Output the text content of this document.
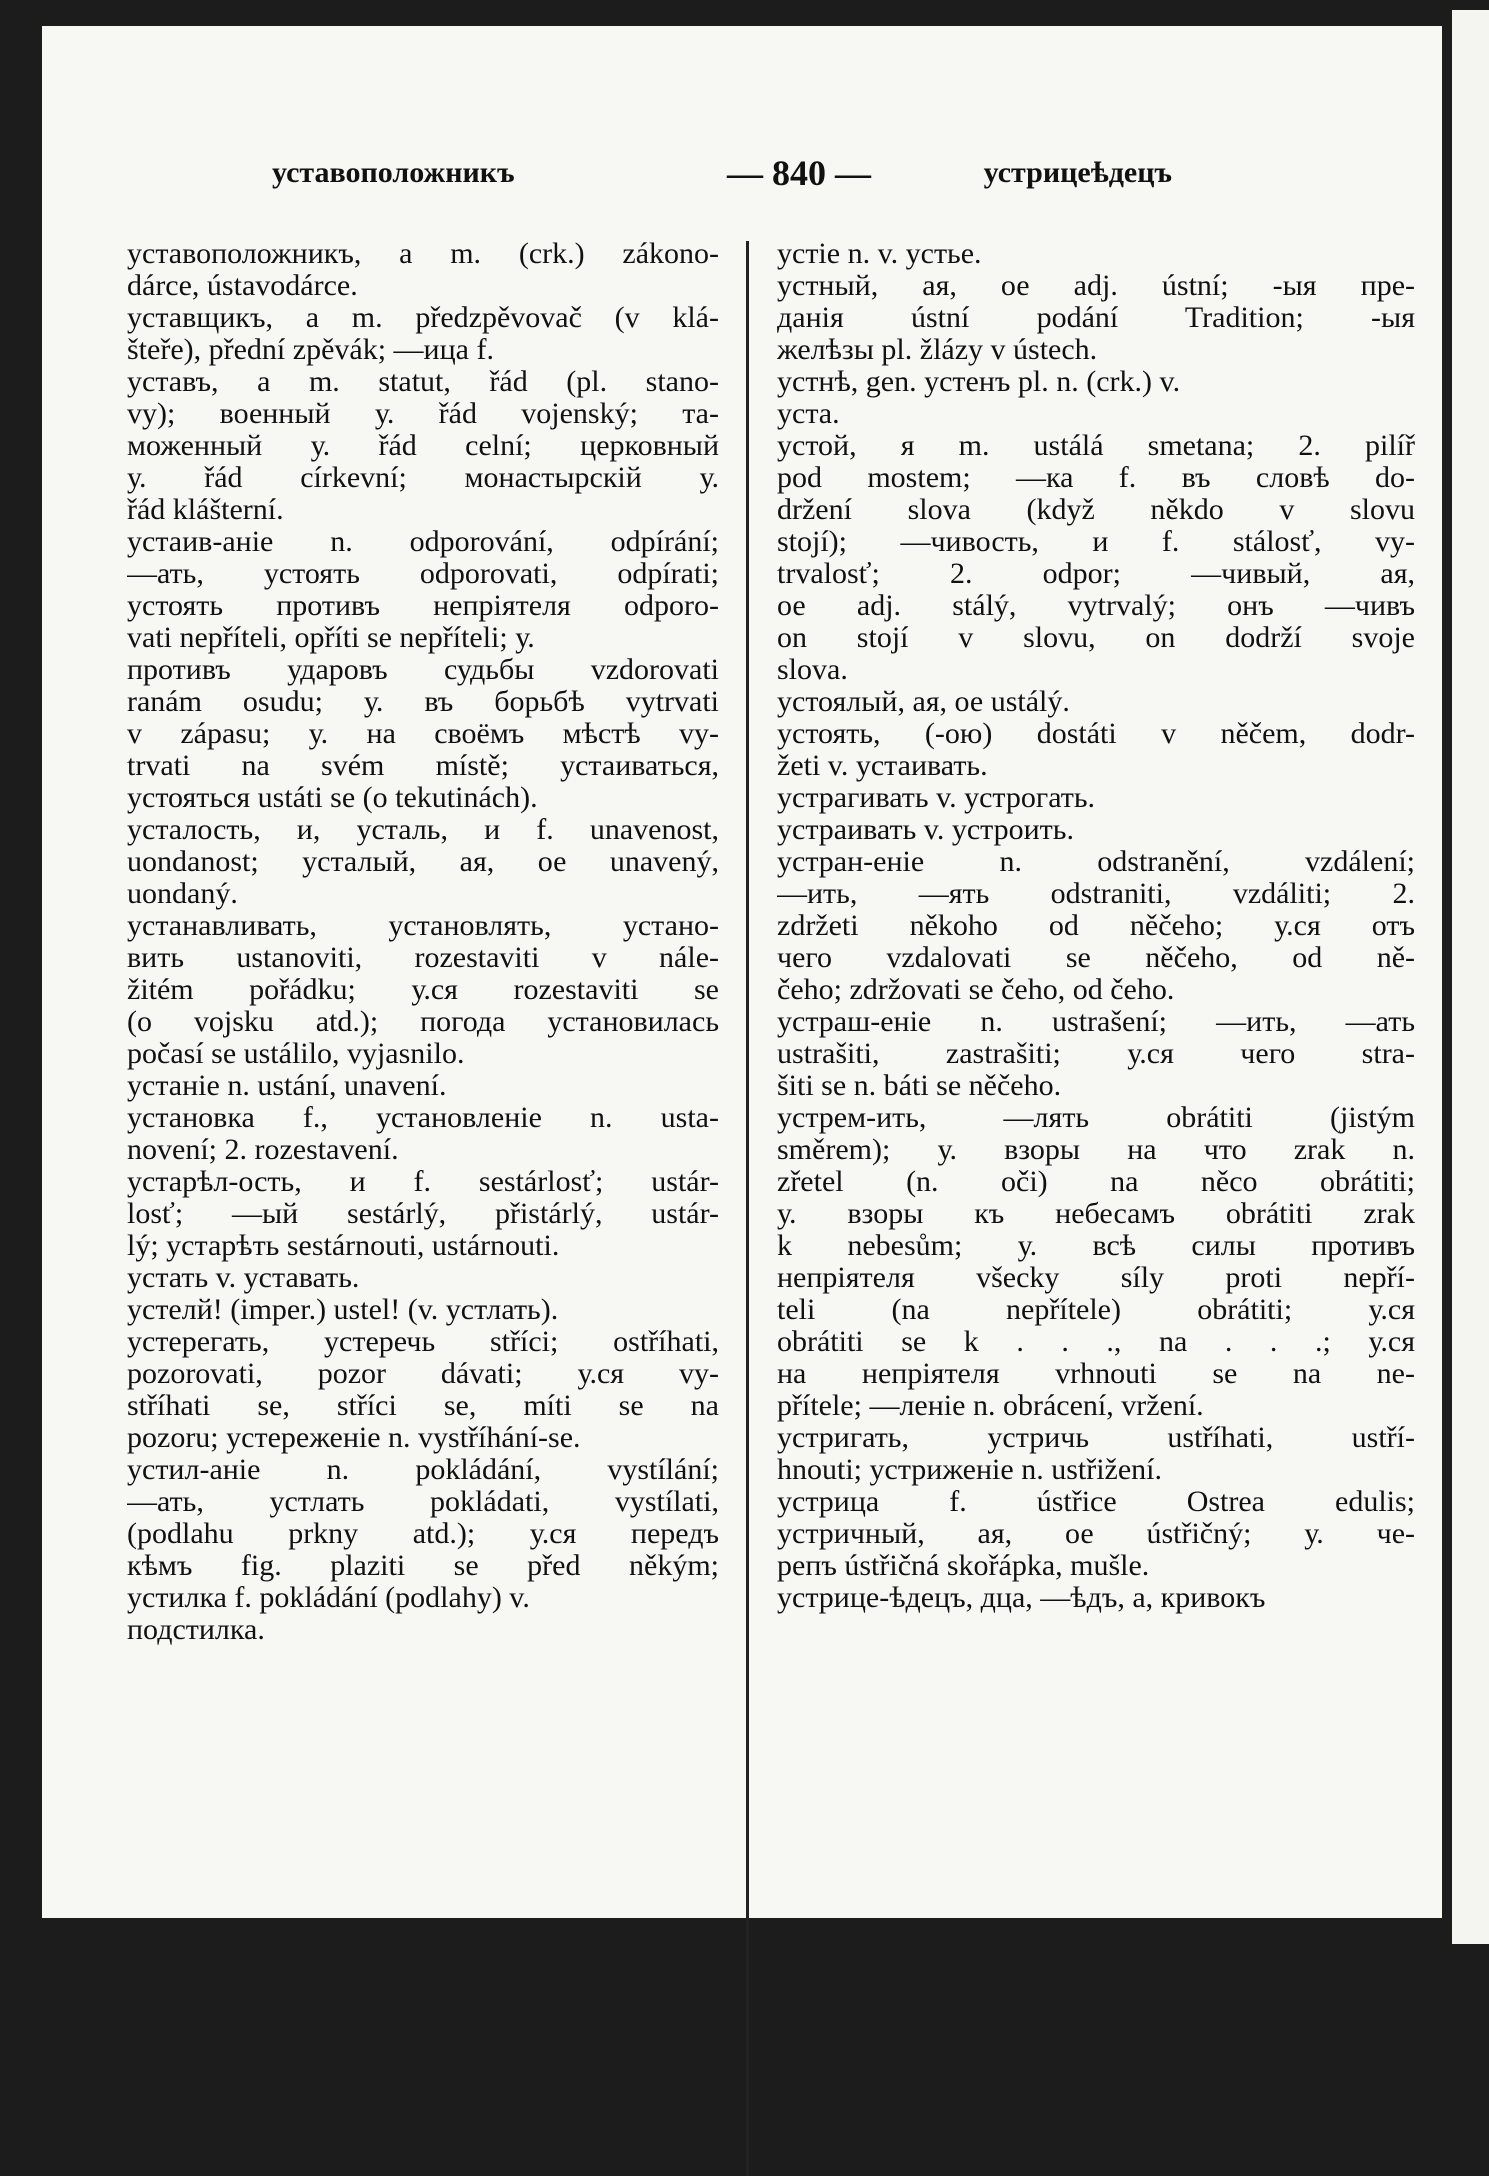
уставоположникъ	— 840 —	устрицеѣдецъ
уставоположникъ, а m. (crk.) zákono-
dárce, ústavodárce.
уставщикъ, а m. předzpěvovač (v klá-
šteře), přední zpěvák; —ица f.
уставъ, а m. statut, řád (pl. stano-
vy); военный у. řád vojenský; та-
моженный у. řád celní; церковный
у. řád církevní; монастырскій у.
řád klášterní.
устаив-аніе n. odporování, odpírání;
—ать, устоять odporovati, odpírati;
устоять противъ непріятеля odporo-
vati nepříteli, opříti se nepříteli; у.
противъ ударовъ судьбы vzdorovati
ranám osudu; у. въ борьбѣ vytrvati
v zápasu; у. на своёмъ мѣстѣ vy-
trvati na svém místě; устаиваться,
устояться ustáti se (o tekutinách).
усталость, и, усталь, и f. unavenost,
uondanost; усталый, ая, ое unavený,
uondaný.
устанавливать, установлять, устано-
вить ustanoviti, rozestaviti v nále-
žitém pořádku; у.ся rozestaviti se
(o vojsku atd.); погода установилась
počasí se ustálilo, vyjasnilo.
устаніе n. ustání, unavení.
установка f., установленіе n. usta-
novení; 2. rozestavení.
устарѣл-ость, и f. sestárlosť; ustár-
losť; —ый sestárlý, přistárlý, ustár-
lý; устарѣть sestárnouti, ustárnouti.
устать v. уставать.
устелй! (imper.) ustel! (v. устлать).
устерегать, устеречь stříci; ostříhati,
pozorovati, pozor dávati; у.ся vy-
stříhati se, stříci se, míti se na
pozoru; устереженіе n. vystříhání-se.
устил-аніе n. pokládání, vystílání;
—ать, устлать pokládati, vystílati,
(podlahu prkny atd.); у.ся передъ
кѣмъ fig. plaziti se před někým;
устилка f. pokládání (podlahy) v.
подстилка.
устіе n. v. устье.
устный, ая, ое adj. ústní; -ыя пре-
данія ústní podání Tradition; -ыя
желѣзы pl. žlázy v ústech.
устнѣ, gen. устенъ pl. n. (crk.) v.
уста.
устой, я m. ustálá smetana; 2. pilíř
pod mostem; —ка f. въ словѣ do-
držení slova (když někdo v slovu
stojí); —чивость, и f. stálosť, vy-
trvalosť; 2. odpor; —чивый, ая,
ое adj. stálý, vytrvalý; онъ —чивъ
on stojí v slovu, on dodrží svoje
slova.
устоялый, ая, ое ustálý.
устоять, (-ою) dostáti v něčem, dodr-
žeti v. устаивать.
устрагивать v. устрогать.
устраивать v. устроить.
устран-еніе n. odstranění, vzdálení;
—ить, —ять odstraniti, vzdáliti; 2.
zdržeti někoho od něčeho; у.ся отъ
чего vzdalovati se něčeho, od ně-
čeho; zdržovati se čeho, od čeho.
устраш-еніе n. ustrašení; —ить, —ать
ustrašiti, zastrašiti; у.ся чего stra-
šiti se n. báti se něčeho.
устрем-ить, —лять obrátiti (jistým
směrem); у. взоры на что zrak n.
zřetel (n. oči) na něco obrátiti;
у. взоры къ небесамъ obrátiti zrak
k nebesům; у. всѣ силы противъ
непріятеля všecky síly proti nepří-
teli (na nepřítele) obrátiti; у.ся
obrátiti se k . . ., na . . .; у.ся
на непріятеля vrhnouti se na ne-
přítele; —леніе n. obrácení, vržení.
устригать, устричь ustříhati, ustří-
hnouti; устриженіе n. ustřižení.
устрица f. ústřice Ostrea edulis;
устричный, ая, ое ústřičný; у. че-
репъ ústřičná skořápka, mušle.
устрице-ѣдецъ, дца, —ѣдъ, а, кривокъ
